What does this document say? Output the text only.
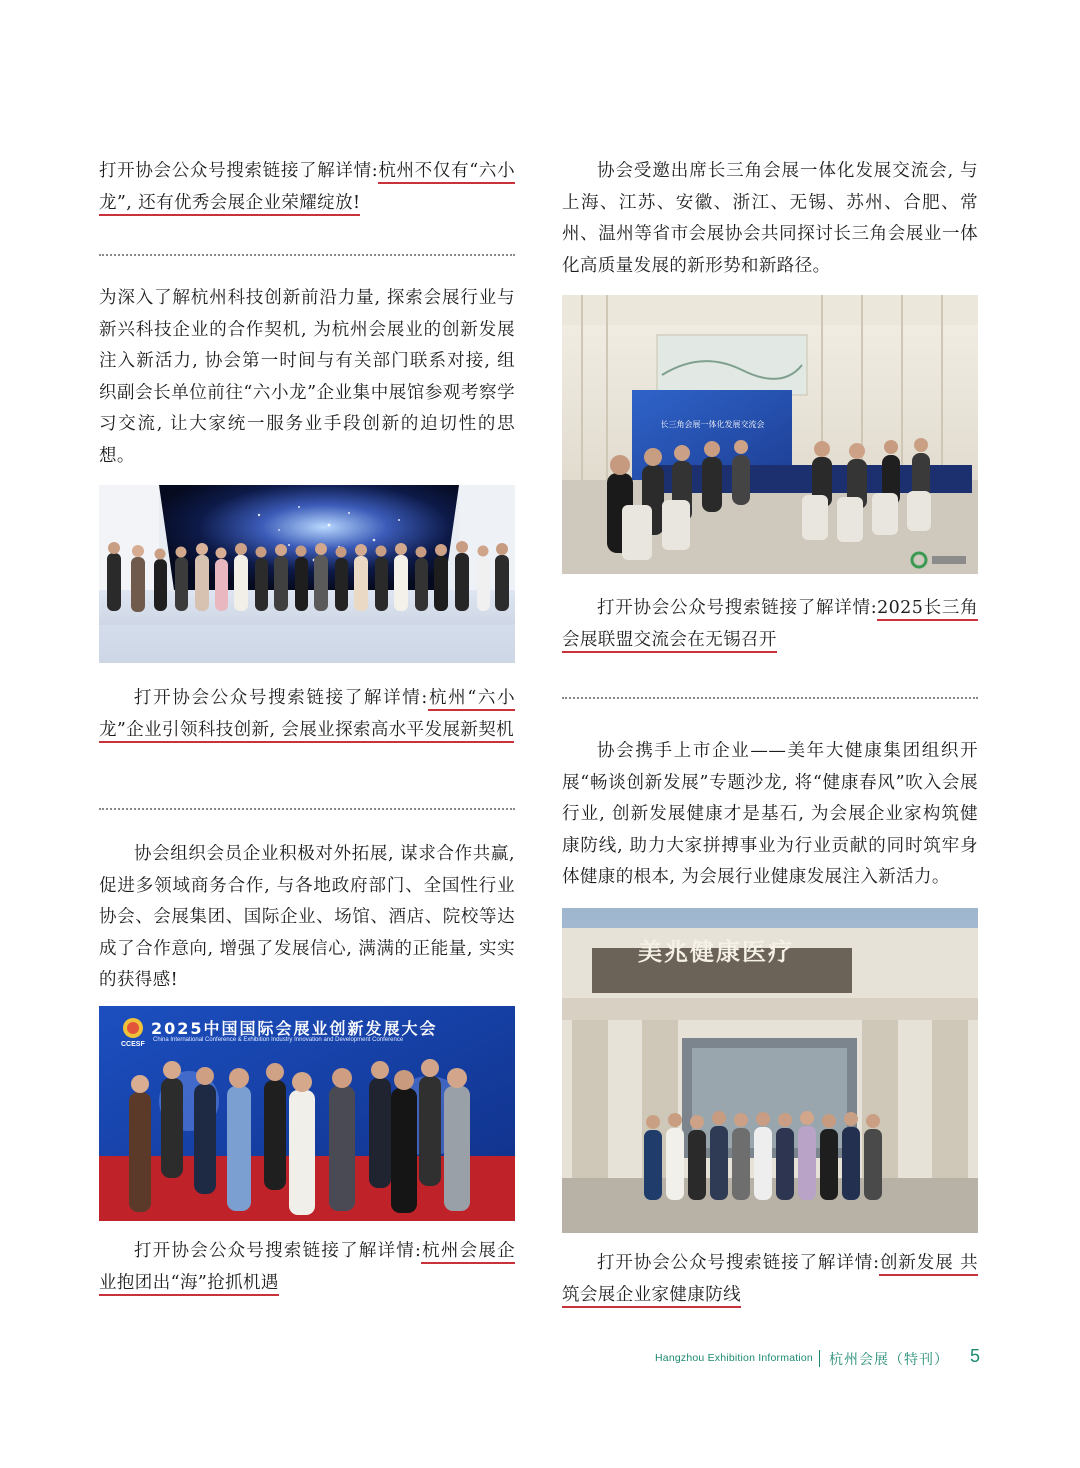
打开协会公众号搜索链接了解详情:杭州不仅有“六小龙”, 还有优秀会展企业荣耀绽放!

为深入了解杭州科技创新前沿力量, 探索会展行业与新兴科技企业的合作契机, 为杭州会展业的创新发展注入新活力, 协会第一时间与有关部门联系对接, 组织副会长单位前往“六小龙”企业集中展馆参观考察学习交流, 让大家统一服务业手段创新的迫切性的思想。

打开协会公众号搜索链接了解详情:杭州“六小龙”企业引领科技创新, 会展业探索高水平发展新契机

协会组织会员企业积极对外拓展, 谋求合作共赢, 促进多领域商务合作, 与各地政府部门、全国性行业协会、会展集团、国际企业、场馆、酒店、院校等达成了合作意向, 增强了发展信心, 满满的正能量, 实实的获得感!

2025中国国际会展业创新发展大会
China International Conference & Exhibition Industry Innovation and Development Conference
CCESF

打开协会公众号搜索链接了解详情:杭州会展企业抱团出“海”抢抓机遇

协会受邀出席长三角会展一体化发展交流会, 与上海、江苏、安徽、浙江、无锡、苏州、合肥、常州、温州等省市会展协会共同探讨长三角会展业一体化高质量发展的新形势和新路径。

长三角会展一体化发展交流会

打开协会公众号搜索链接了解详情:2025长三角会展联盟交流会在无锡召开

协会携手上市企业——美年大健康集团组织开展“畅谈创新发展”专题沙龙, 将“健康春风”吹入会展行业, 创新发展健康才是基石, 为会展企业家构筑健康防线, 助力大家拼搏事业为行业贡献的同时筑牢身体健康的根本, 为会展行业健康发展注入新活力。

美兆健康医疗

打开协会公众号搜索链接了解详情:创新发展 共筑会展企业家健康防线

Hangzhou Exhibition Information 杭州会展（特刊） 5
